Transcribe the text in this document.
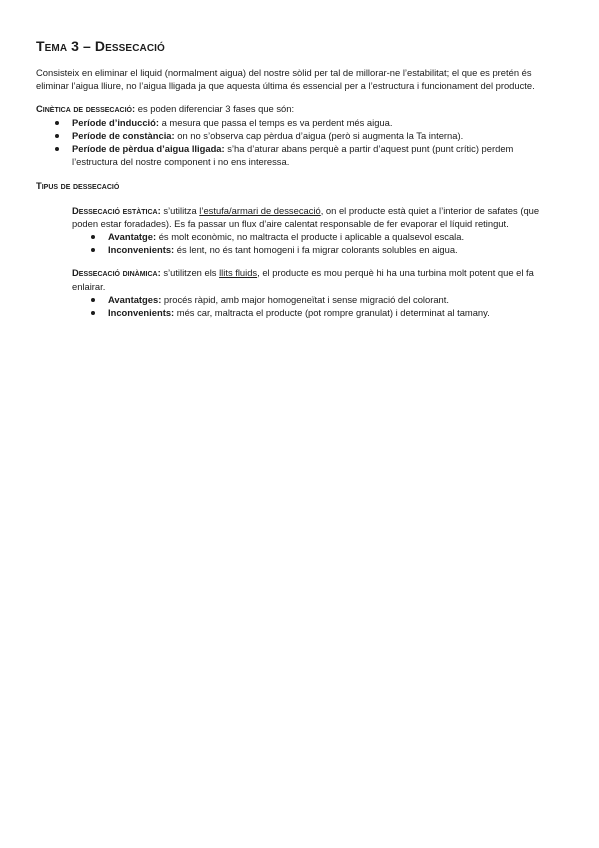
Tema 3 – Dessecació

Consisteix en eliminar el liquid (normalment aigua) del nostre sòlid per tal de millorar-ne l’estabilitat; el que es pretén és eliminar l’aigua lliure, no l’aigua lligada ja que aquesta última és essencial per a l’estructura i funcionament del producte.

Cinètica de dessecació: es poden diferenciar 3 fases que són:

Període d’inducció: a mesura que passa el temps es va perdent més aigua.
Període de constància: on no s’observa cap pèrdua d’aigua (però si augmenta la Ta interna).
Període de pèrdua d’aigua lligada: s’ha d’aturar abans perquè a partir d’aquest punt (punt crític) perdem l’estructura del nostre component i no ens interessa.
Tipus de dessecació

Dessecació estàtica: s’utilitza l’estufa/armari de dessecació, on el producte està quiet a l’interior de safates (que poden estar foradades). Es fa passar un flux d’aire calentat responsable de fer evaporar el líquid retingut.

Avantatge: és molt econòmic, no maltracta el producte i aplicable a qualsevol escala.
Inconvenients: és lent, no és tant homogeni i fa migrar colorants solubles en aigua.

Dessecació dinàmica: s’utilitzen els llits fluids, el producte es mou perquè hi ha una turbina molt potent que el fa enlairar.

Avantatges: procés ràpid, amb major homogeneïtat i sense migració del colorant.
Inconvenients: més car, maltracta el producte (pot rompre granulat) i determinat al tamany.
